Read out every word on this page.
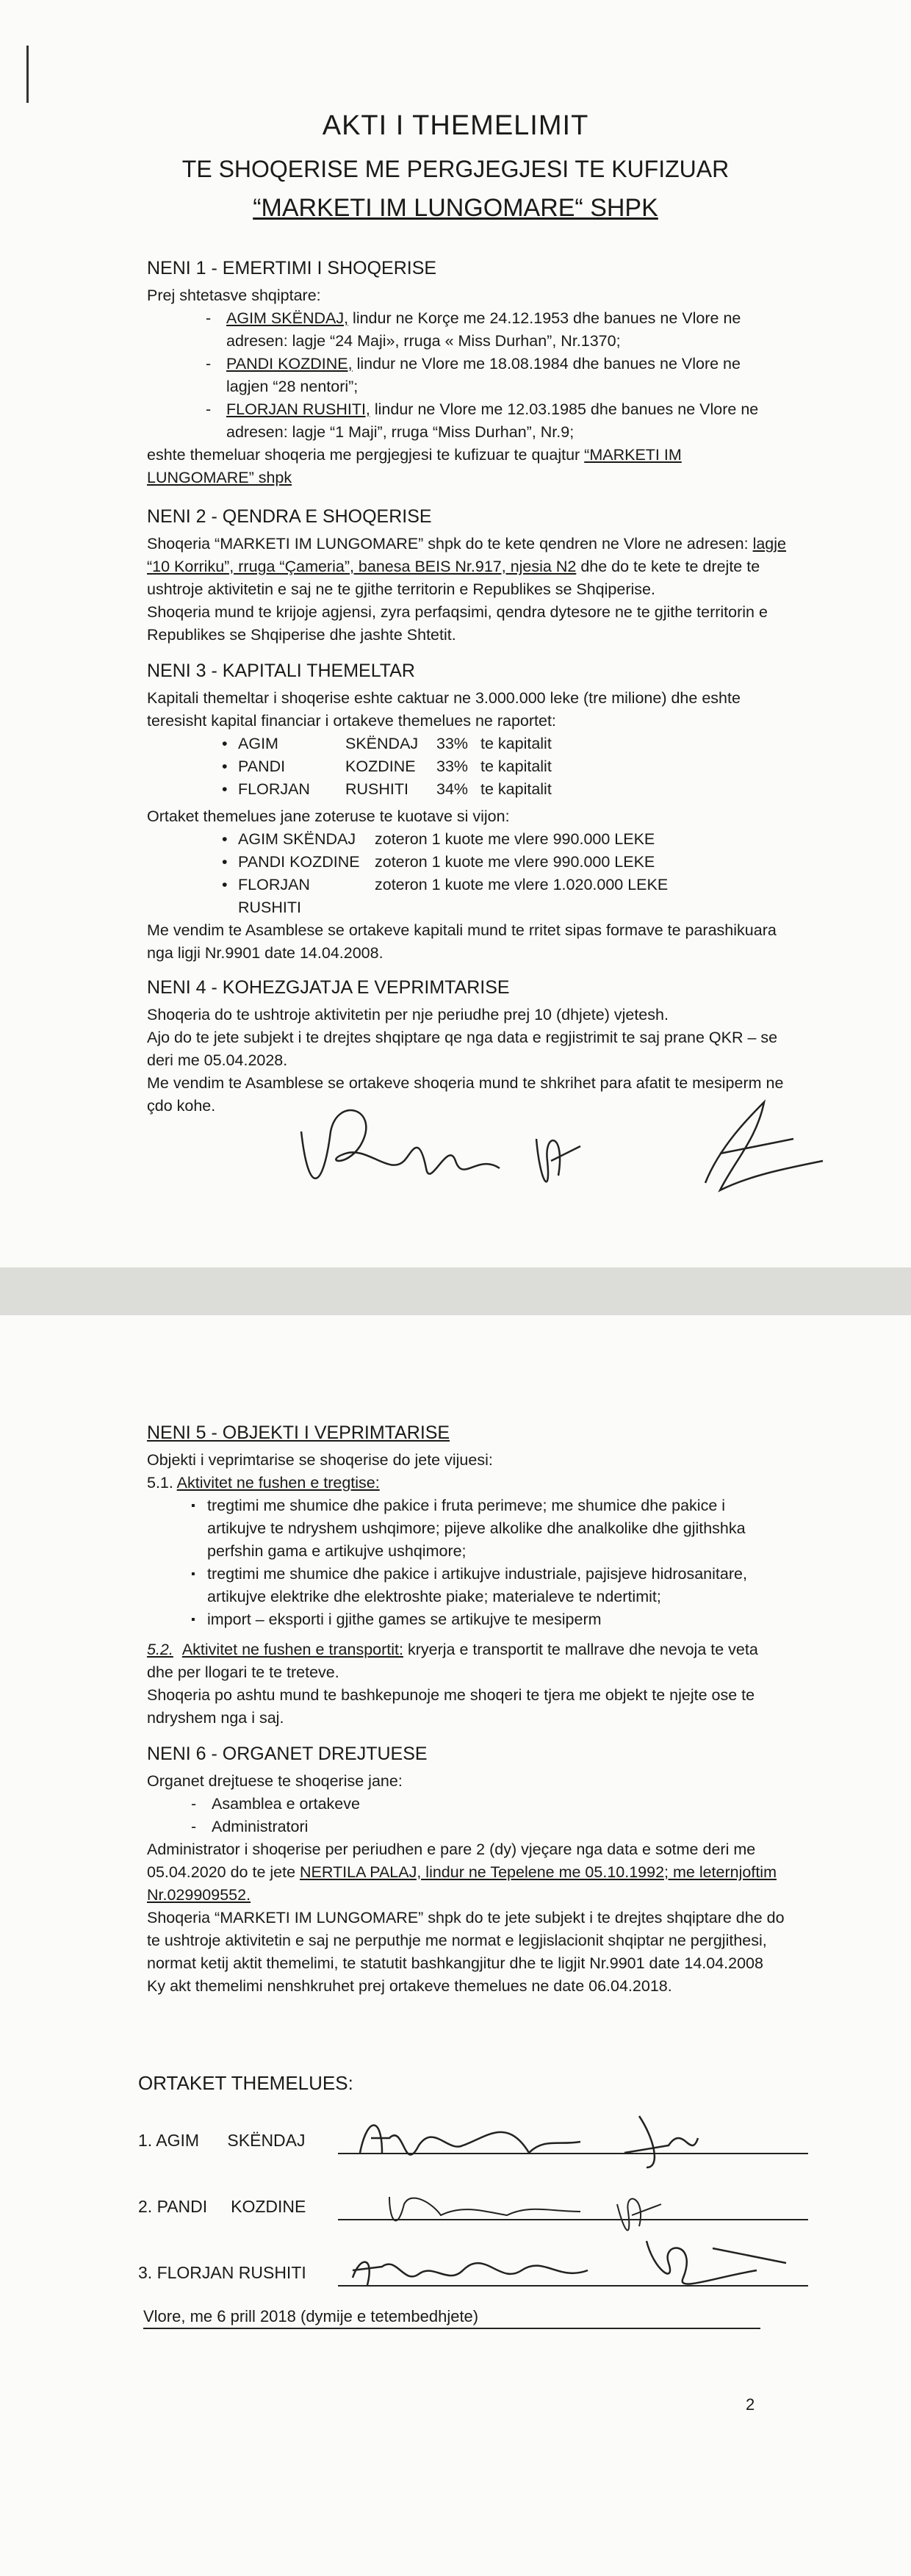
AKTI I THEMELIMIT
TE SHOQERISE ME PERGJEGJESI TE KUFIZUAR
“MARKETI IM LUNGOMARE“ SHPK
NENI 1 - EMERTIMI I SHOQERISE

Prej shtetasve shqiptare:

- AGIM SKËNDAJ, lindur ne Korçe me 24.12.1953 dhe banues ne Vlore ne adresen: lagje “24 Maji», rruga « Miss Durhan”, Nr.1370;
- PANDI KOZDINE, lindur ne Vlore me 18.08.1984 dhe banues ne Vlore ne lagjen “28 nentori”;
- FLORJAN RUSHITI, lindur ne Vlore me 12.03.1985 dhe banues ne Vlore ne adresen: lagje “1 Maji”, rruga “Miss Durhan”, Nr.9;

eshte themeluar shoqeria me pergjegjesi te kufizuar te quajtur “MARKETI IM LUNGOMARE” shpk

NENI 2 - QENDRA E SHOQERISE

Shoqeria “MARKETI IM LUNGOMARE” shpk do te kete qendren ne Vlore ne adresen: lagje “10 Korriku”, rruga “Çameria”, banesa BEIS Nr.917, njesia N2 dhe do te kete te drejte te ushtroje aktivitetin e saj ne te gjithe territorin e Republikes se Shqiperise.

Shoqeria mund te krijoje agjensi, zyra perfaqsimi, qendra dytesore ne te gjithe territorin e Republikes se Shqiperise dhe jashte Shtetit.

NENI 3 - KAPITALI THEMELTAR

Kapitali themeltar i shoqerise eshte caktuar ne 3.000.000 leke (tre milione) dhe eshte teresisht kapital financiar i ortakeve themelues ne raportet:

• AGIM	SKËNDAJ	33% te kapitalit
• PANDI	KOZDINE	33% te kapitalit
• FLORJAN	RUSHITI	34% te kapitalit

Ortaket themelues jane zoteruse te kuotave si vijon:

• AGIM SKËNDAJ	zoteron 1 kuote me vlere 990.000 LEKE
• PANDI KOZDINE zoteron 1 kuote me vlere 990.000 LEKE
• FLORJAN RUSHITI
zoteron 1 kuote me vlere 1.020.000 LEKE

Me vendim te Asamblese se ortakeve kapitali mund te rritet sipas formave te parashikuara nga ligji Nr.9901 date 14.04.2008.

NENI 4 - KOHEZGJATJA E VEPRIMTARISE

Shoqeria do te ushtroje aktivitetin per nje periudhe prej 10 (dhjete) vjetesh.

Ajo do te jete subjekt i te drejtes shqiptare qe nga data e regjistrimit te saj prane QKR – se deri me 05.04.2028.

Me vendim te Asamblese se ortakeve shoqeria mund te shkrihet para afatit te mesiperm ne çdo kohe.

NENI 5 - OBJEKTI I VEPRIMTARISE

Objekti i veprimtarise se shoqerise do jete vijuesi:

5.1. Aktivitet ne fushen e tregtise:

▪ tregtimi me shumice dhe pakice i fruta perimeve; me shumice dhe pakice i artikujve te ndryshem ushqimore; pijeve alkolike dhe analkolike dhe gjithshka perfshin gama e artikujve ushqimore;
▪ tregtimi me shumice dhe pakice i artikujve industriale, pajisjeve hidrosanitare, artikujve elektrike dhe elektroshte piake; materialeve te ndertimit;
▪ import – eksporti i gjithe games se artikujve te mesiperm

5.2. Aktivitet ne fushen e transportit: kryerja e transportit te mallrave dhe nevoja te veta dhe per llogari te te treteve.

Shoqeria po ashtu mund te bashkepunoje me shoqeri te tjera me objekt te njejte ose te ndryshem nga i saj.

NENI 6 - ORGANET DREJTUESE

Organet drejtuese te shoqerise jane:

- Asamblea e ortakeve
- Administratori

Administrator i shoqerise per periudhen e pare 2 (dy) vjeçare nga data e sotme deri me 05.04.2020 do te jete NERTILA PALAJ, lindur ne Tepelene me 05.10.1992; me leternjoftim Nr.029909552.

Shoqeria “MARKETI IM LUNGOMARE” shpk do te jete subjekt i te drejtes shqiptare dhe do te ushtroje aktivitetin e saj ne perputhje me normat e legjislacionit shqiptar ne pergjithesi, normat ketij aktit themelimi, te statutit bashkangjitur dhe te ligjit Nr.9901 date 14.04.2008

Ky akt themelimi nenshkruhet prej ortakeve themelues ne date 06.04.2018.

ORTAKET THEMELUES:
1. AGIM      SKËNDAJ
2. PANDI     KOZDINE
3. FLORJAN RUSHITI
Vlore, me 6 prill 2018 (dymije e tetembedhjete)
2
